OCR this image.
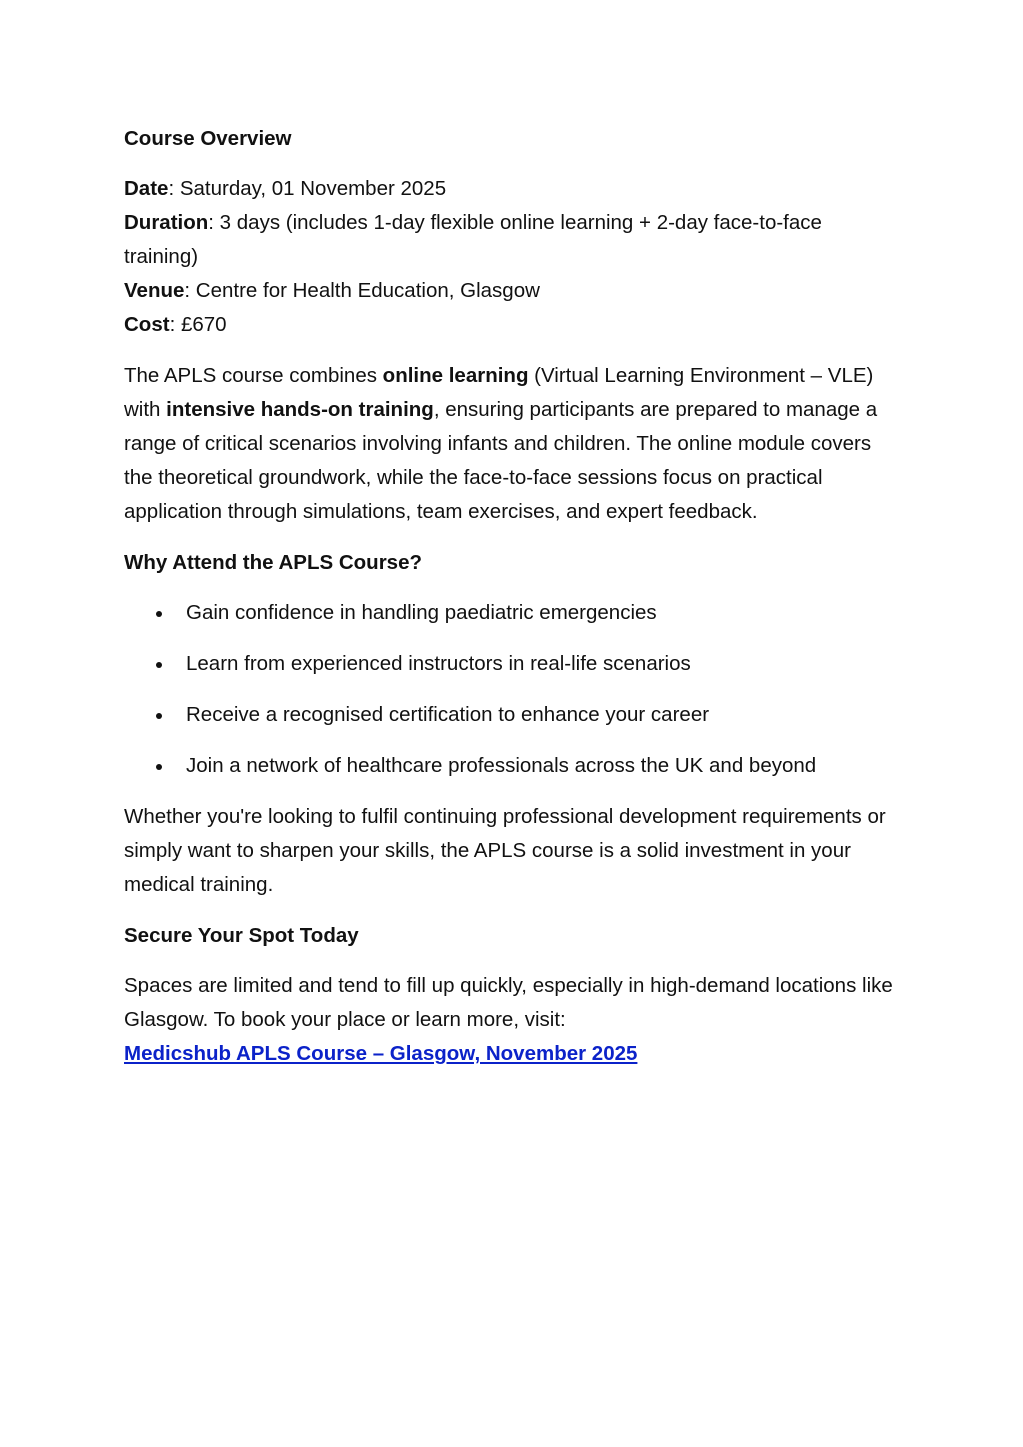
Course Overview
Date: Saturday, 01 November 2025
Duration: 3 days (includes 1-day flexible online learning + 2-day face-to-face training)
Venue: Centre for Health Education, Glasgow
Cost: £670

The APLS course combines online learning (Virtual Learning Environment – VLE) with intensive hands-on training, ensuring participants are prepared to manage a range of critical scenarios involving infants and children. The online module covers the theoretical groundwork, while the face-to-face sessions focus on practical application through simulations, team exercises, and expert feedback.

Why Attend the APLS Course?
Gain confidence in handling paediatric emergencies
Learn from experienced instructors in real-life scenarios
Receive a recognised certification to enhance your career
Join a network of healthcare professionals across the UK and beyond

Whether you're looking to fulfil continuing professional development requirements or simply want to sharpen your skills, the APLS course is a solid investment in your medical training.

Secure Your Spot Today

Spaces are limited and tend to fill up quickly, especially in high-demand locations like Glasgow. To book your place or learn more, visit:
Medicshub APLS Course – Glasgow, November 2025
